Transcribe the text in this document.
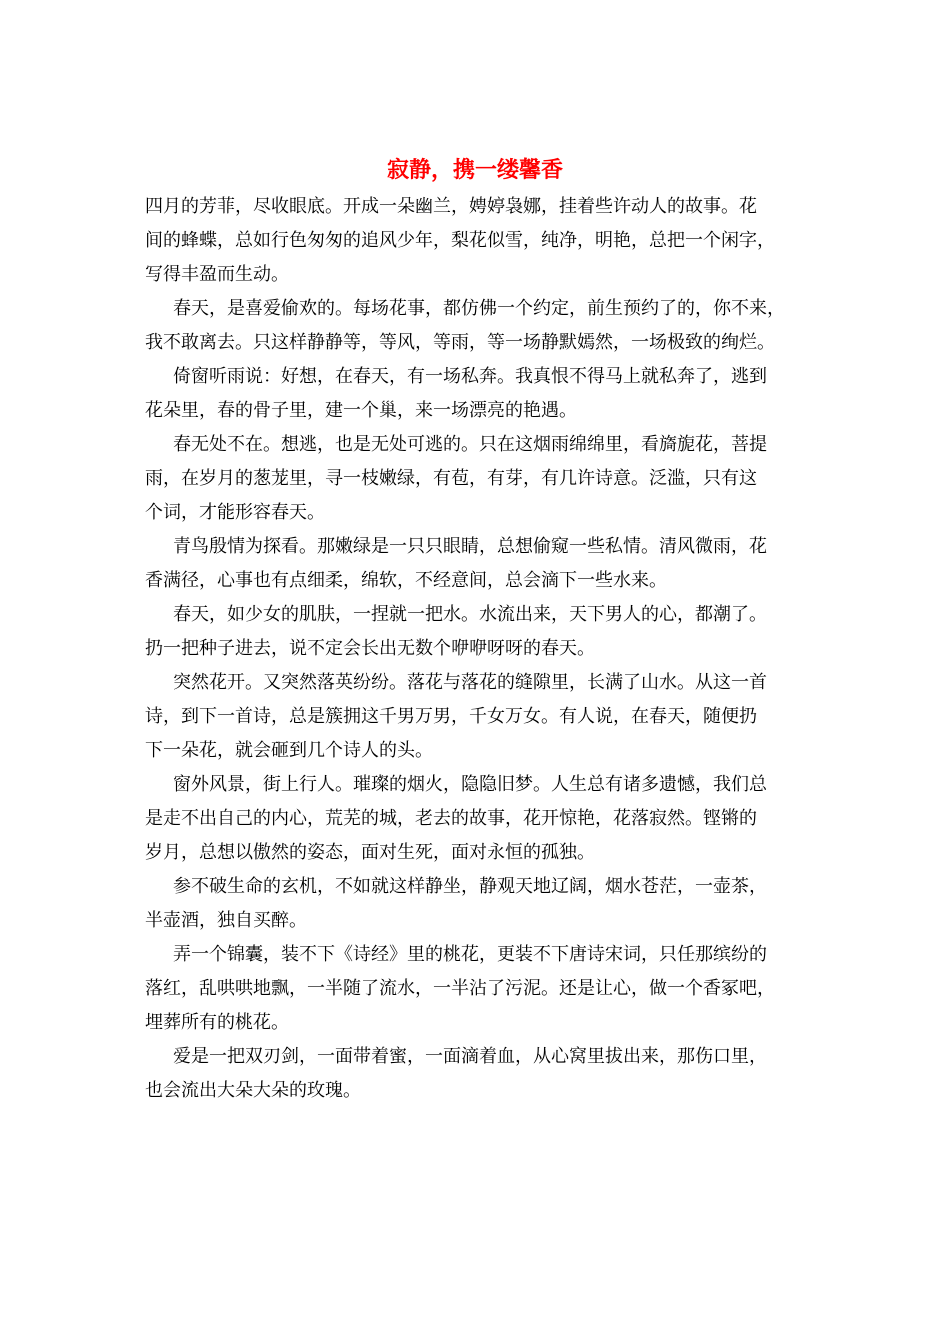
寂静，携一缕馨香
四月的芳菲，尽收眼底。开成一朵幽兰，娉婷袅娜，挂着些许动人的故事。花
间的蜂蝶，总如行色匆匆的追风少年，梨花似雪，纯净，明艳，总把一个闲字，
写得丰盈而生动。
春天，是喜爱偷欢的。每场花事，都仿佛一个约定，前生预约了的，你不来，
我不敢离去。只这样静静等，等风，等雨，等一场静默嫣然，一场极致的绚烂。
倚窗听雨说：好想，在春天，有一场私奔。我真恨不得马上就私奔了，逃到
花朵里，春的骨子里，建一个巢，来一场漂亮的艳遇。
春无处不在。想逃，也是无处可逃的。只在这烟雨绵绵里，看旖旎花，菩提
雨，在岁月的葱茏里，寻一枝嫩绿，有苞，有芽，有几许诗意。泛滥，只有这
个词，才能形容春天。
青鸟殷情为探看。那嫩绿是一只只眼睛，总想偷窥一些私情。清风微雨，花
香满径，心事也有点细柔，绵软，不经意间，总会滴下一些水来。
春天，如少女的肌肤，一捏就一把水。水流出来，天下男人的心，都潮了。
扔一把种子进去，说不定会长出无数个咿咿呀呀的春天。
突然花开。又突然落英纷纷。落花与落花的缝隙里，长满了山水。从这一首
诗，到下一首诗，总是簇拥这千男万男，千女万女。有人说，在春天，随便扔
下一朵花，就会砸到几个诗人的头。
窗外风景，街上行人。璀璨的烟火，隐隐旧梦。人生总有诸多遗憾，我们总
是走不出自己的内心，荒芜的城，老去的故事，花开惊艳，花落寂然。铿锵的
岁月，总想以傲然的姿态，面对生死，面对永恒的孤独。
参不破生命的玄机，不如就这样静坐，静观天地辽阔，烟水苍茫，一壶茶，
半壶酒，独自买醉。
弄一个锦囊，装不下《诗经》里的桃花，更装不下唐诗宋词，只任那缤纷的
落红，乱哄哄地飘，一半随了流水，一半沾了污泥。还是让心，做一个香冢吧，
埋葬所有的桃花。
爱是一把双刃剑，一面带着蜜，一面滴着血，从心窝里拔出来，那伤口里，
也会流出大朵大朵的玫瑰。
